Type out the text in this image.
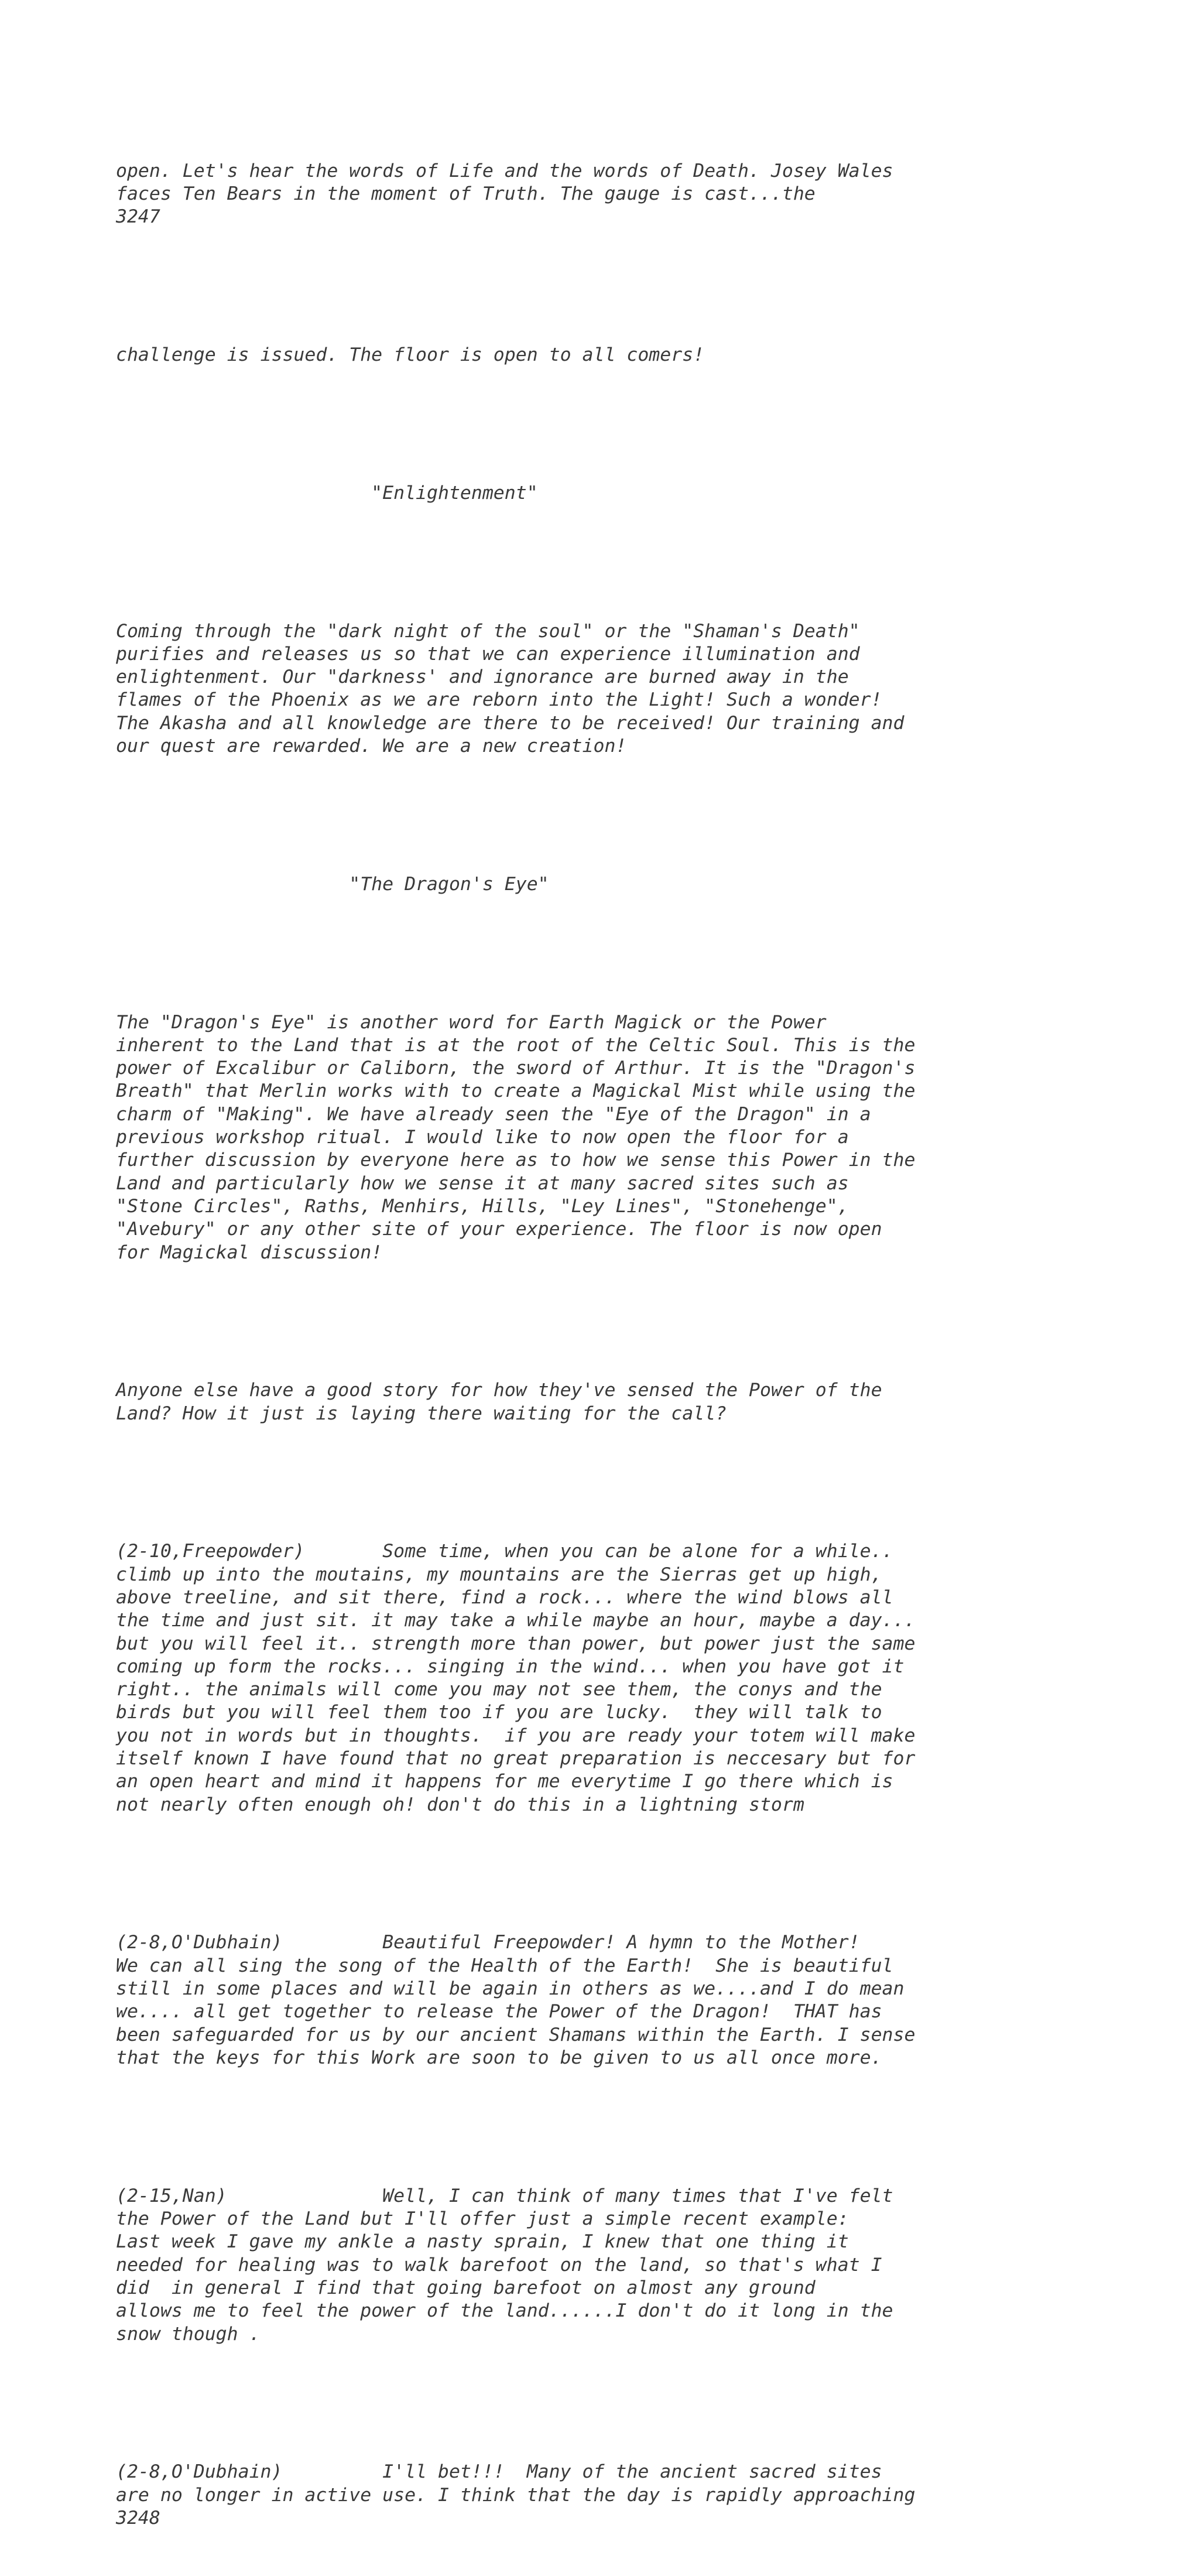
open. Let's hear the words of Life and the words of Death. Josey Wales
faces Ten Bears in the moment of Truth. The gauge is cast...the
3247

challenge is issued. The floor is open to all comers!

"Enlightenment"

Coming through the "dark night of the soul" or the "Shaman's Death"
purifies and releases us so that we can experience illumination and
enlightenment. Our "darkness' and ignorance are burned away in the
flames of the Phoenix as we are reborn into the Light! Such a wonder!
The Akasha and all knowledge are there to be received! Our training and
our quest are rewarded. We are a new creation!

"The Dragon's Eye"

The "Dragon's Eye" is another word for Earth Magick or the Power
inherent to the Land that is at the root of the Celtic Soul. This is the
power of Excalibur or Caliborn, the sword of Arthur. It is the "Dragon's
Breath" that Merlin works with to create a Magickal Mist while using the
charm of "Making". We have already seen the "Eye of the Dragon" in a
previous workshop ritual. I would like to now open the floor for a
further discussion by everyone here as to how we sense this Power in the
Land and particularly how we sense it at many sacred sites such as
"Stone Circles", Raths, Menhirs, Hills, "Ley Lines", "Stonehenge",
"Avebury" or any other site of your experience. The floor is now open
for Magickal discussion!

Anyone else have a good story for how they've sensed the Power of the
Land? How it just is laying there waiting for the call?

(2-10,Freepowder)       Some time, when you can be alone for a while..
climb up into the moutains, my mountains are the Sierras get up high,
above treeline, and sit there, find a rock... where the wind blows all
the time and just sit. it may take a while maybe an hour, maybe a day...
but you will feel it.. strength more than power, but power just the same
coming up form the rocks... singing in the wind... when you have got it
right.. the animals will come you may not see them, the conys and the
birds but you will feel them too if you are lucky.  they will talk to
you not in words but in thoughts.  if you are ready your totem will make
itself known I have found that no great preparation is neccesary but for
an open heart and mind it happens for me everytime I go there which is
not nearly often enough oh! don't do this in a lightning storm

(2-8,O'Dubhain)         Beautiful Freepowder! A hymn to the Mother!
We can all sing the song of the Health of the Earth!  She is beautiful
still in some places and will be again in others as we....and I do mean
we.... all get together to release the Power of the Dragon!  THAT has
been safeguarded for us by our ancient Shamans within the Earth. I sense
that the keys for this Work are soon to be given to us all once more.

(2-15,Nan)              Well, I can think of many times that I've felt
the Power of the Land but I'll offer just a simple recent example:
Last week I gave my ankle a nasty sprain, I knew that one thing it
needed for healing was to walk barefoot on the land, so that's what I
did  in general I find that going barefoot on almost any ground
allows me to feel the power of the land......I don't do it long in the
snow though .

(2-8,O'Dubhain)         I'll bet!!!  Many of the ancient sacred sites
are no longer in active use. I think that the day is rapidly approaching
3248
